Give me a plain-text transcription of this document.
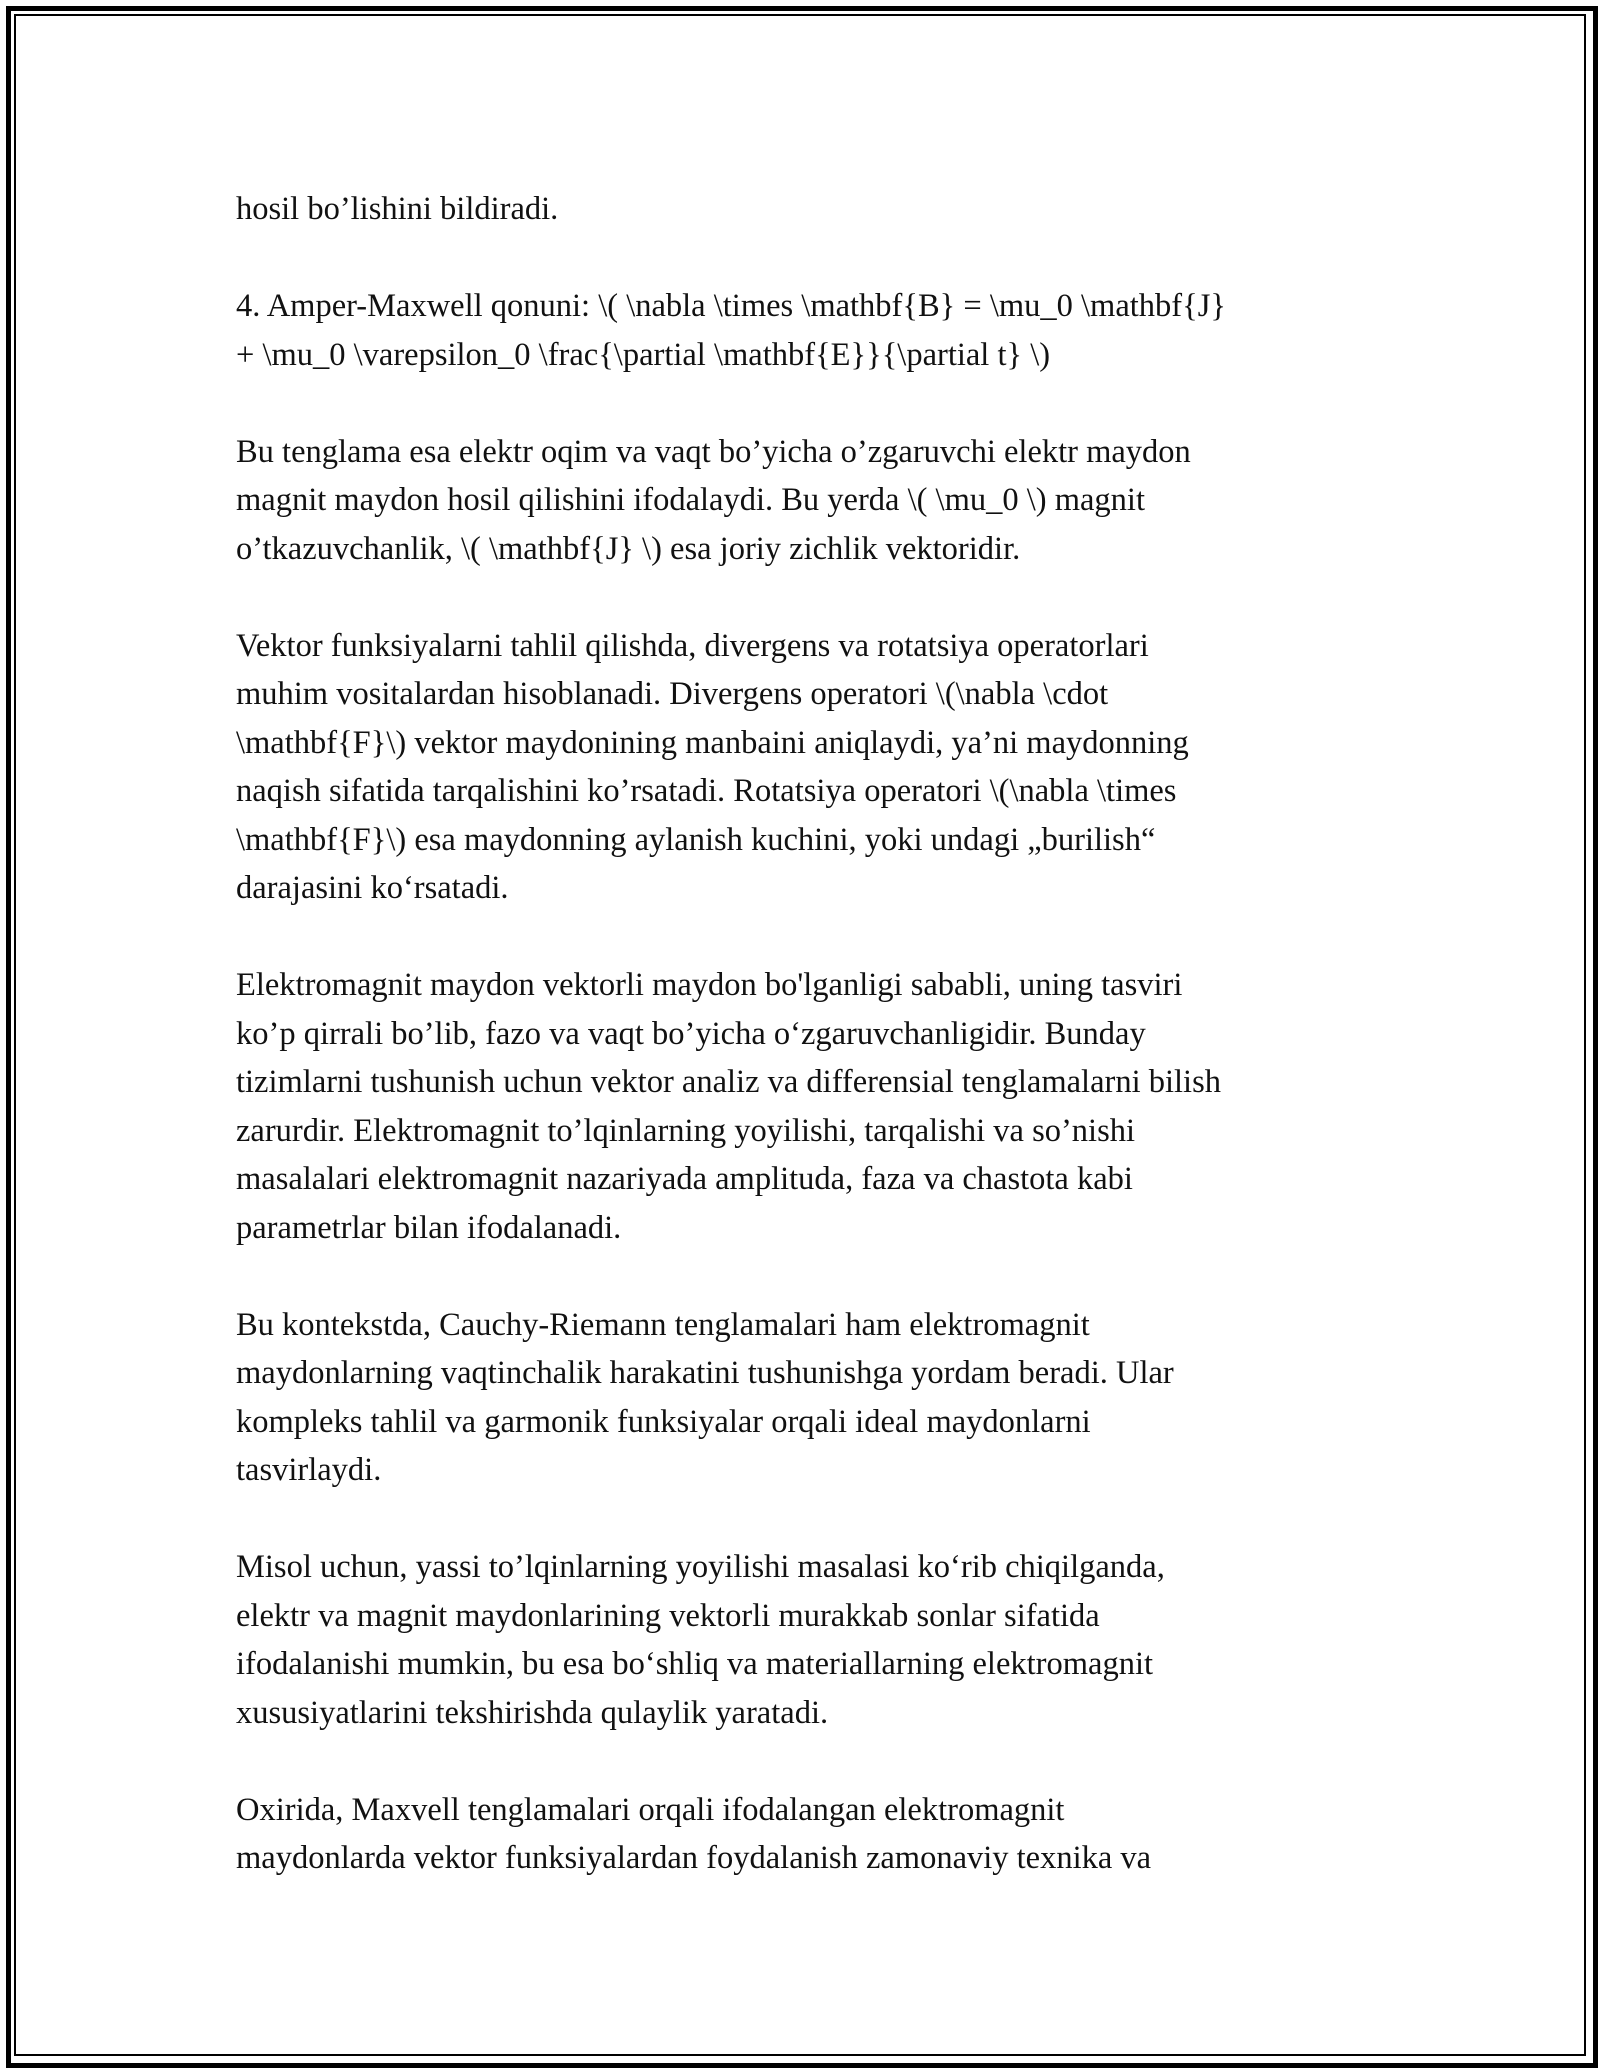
hosil bo’lishini bildiradi.

4. Amper-Maxwell qonuni: \( \nabla \times \mathbf{B} = \mu_0 \mathbf{J}
+ \mu_0 \varepsilon_0 \frac{\partial \mathbf{E}}{\partial t} \)

Bu tenglama esa elektr oqim va vaqt bo’yicha o’zgaruvchi elektr maydon
magnit maydon hosil qilishini ifodalaydi. Bu yerda \( \mu_0 \) magnit
o’tkazuvchanlik, \( \mathbf{J} \) esa joriy zichlik vektoridir.

Vektor funksiyalarni tahlil qilishda, divergens va rotatsiya operatorlari
muhim vositalardan hisoblanadi. Divergens operatori \(\nabla \cdot
\mathbf{F}\) vektor maydonining manbaini aniqlaydi, ya’ni maydonning
naqish sifatida tarqalishini ko’rsatadi. Rotatsiya operatori \(\nabla \times
\mathbf{F}\) esa maydonning aylanish kuchini, yoki undagi „burilish“
darajasini ko‘rsatadi.

Elektromagnit maydon vektorli maydon bo'lganligi sababli, uning tasviri
ko’p qirrali bo’lib, fazo va vaqt bo’yicha o‘zgaruvchanligidir. Bunday
tizimlarni tushunish uchun vektor analiz va differensial tenglamalarni bilish
zarurdir. Elektromagnit to’lqinlarning yoyilishi, tarqalishi va so’nishi
masalalari elektromagnit nazariyada amplituda, faza va chastota kabi
parametrlar bilan ifodalanadi.

Bu kontekstda, Cauchy-Riemann tenglamalari ham elektromagnit
maydonlarning vaqtinchalik harakatini tushunishga yordam beradi. Ular
kompleks tahlil va garmonik funksiyalar orqali ideal maydonlarni
tasvirlaydi.

Misol uchun, yassi to’lqinlarning yoyilishi masalasi ko‘rib chiqilganda,
elektr va magnit maydonlarining vektorli murakkab sonlar sifatida
ifodalanishi mumkin, bu esa bo‘shliq va materiallarning elektromagnit
xususiyatlarini tekshirishda qulaylik yaratadi.

Oxirida, Maxvell tenglamalari orqali ifodalangan elektromagnit
maydonlarda vektor funksiyalardan foydalanish zamonaviy texnika va
